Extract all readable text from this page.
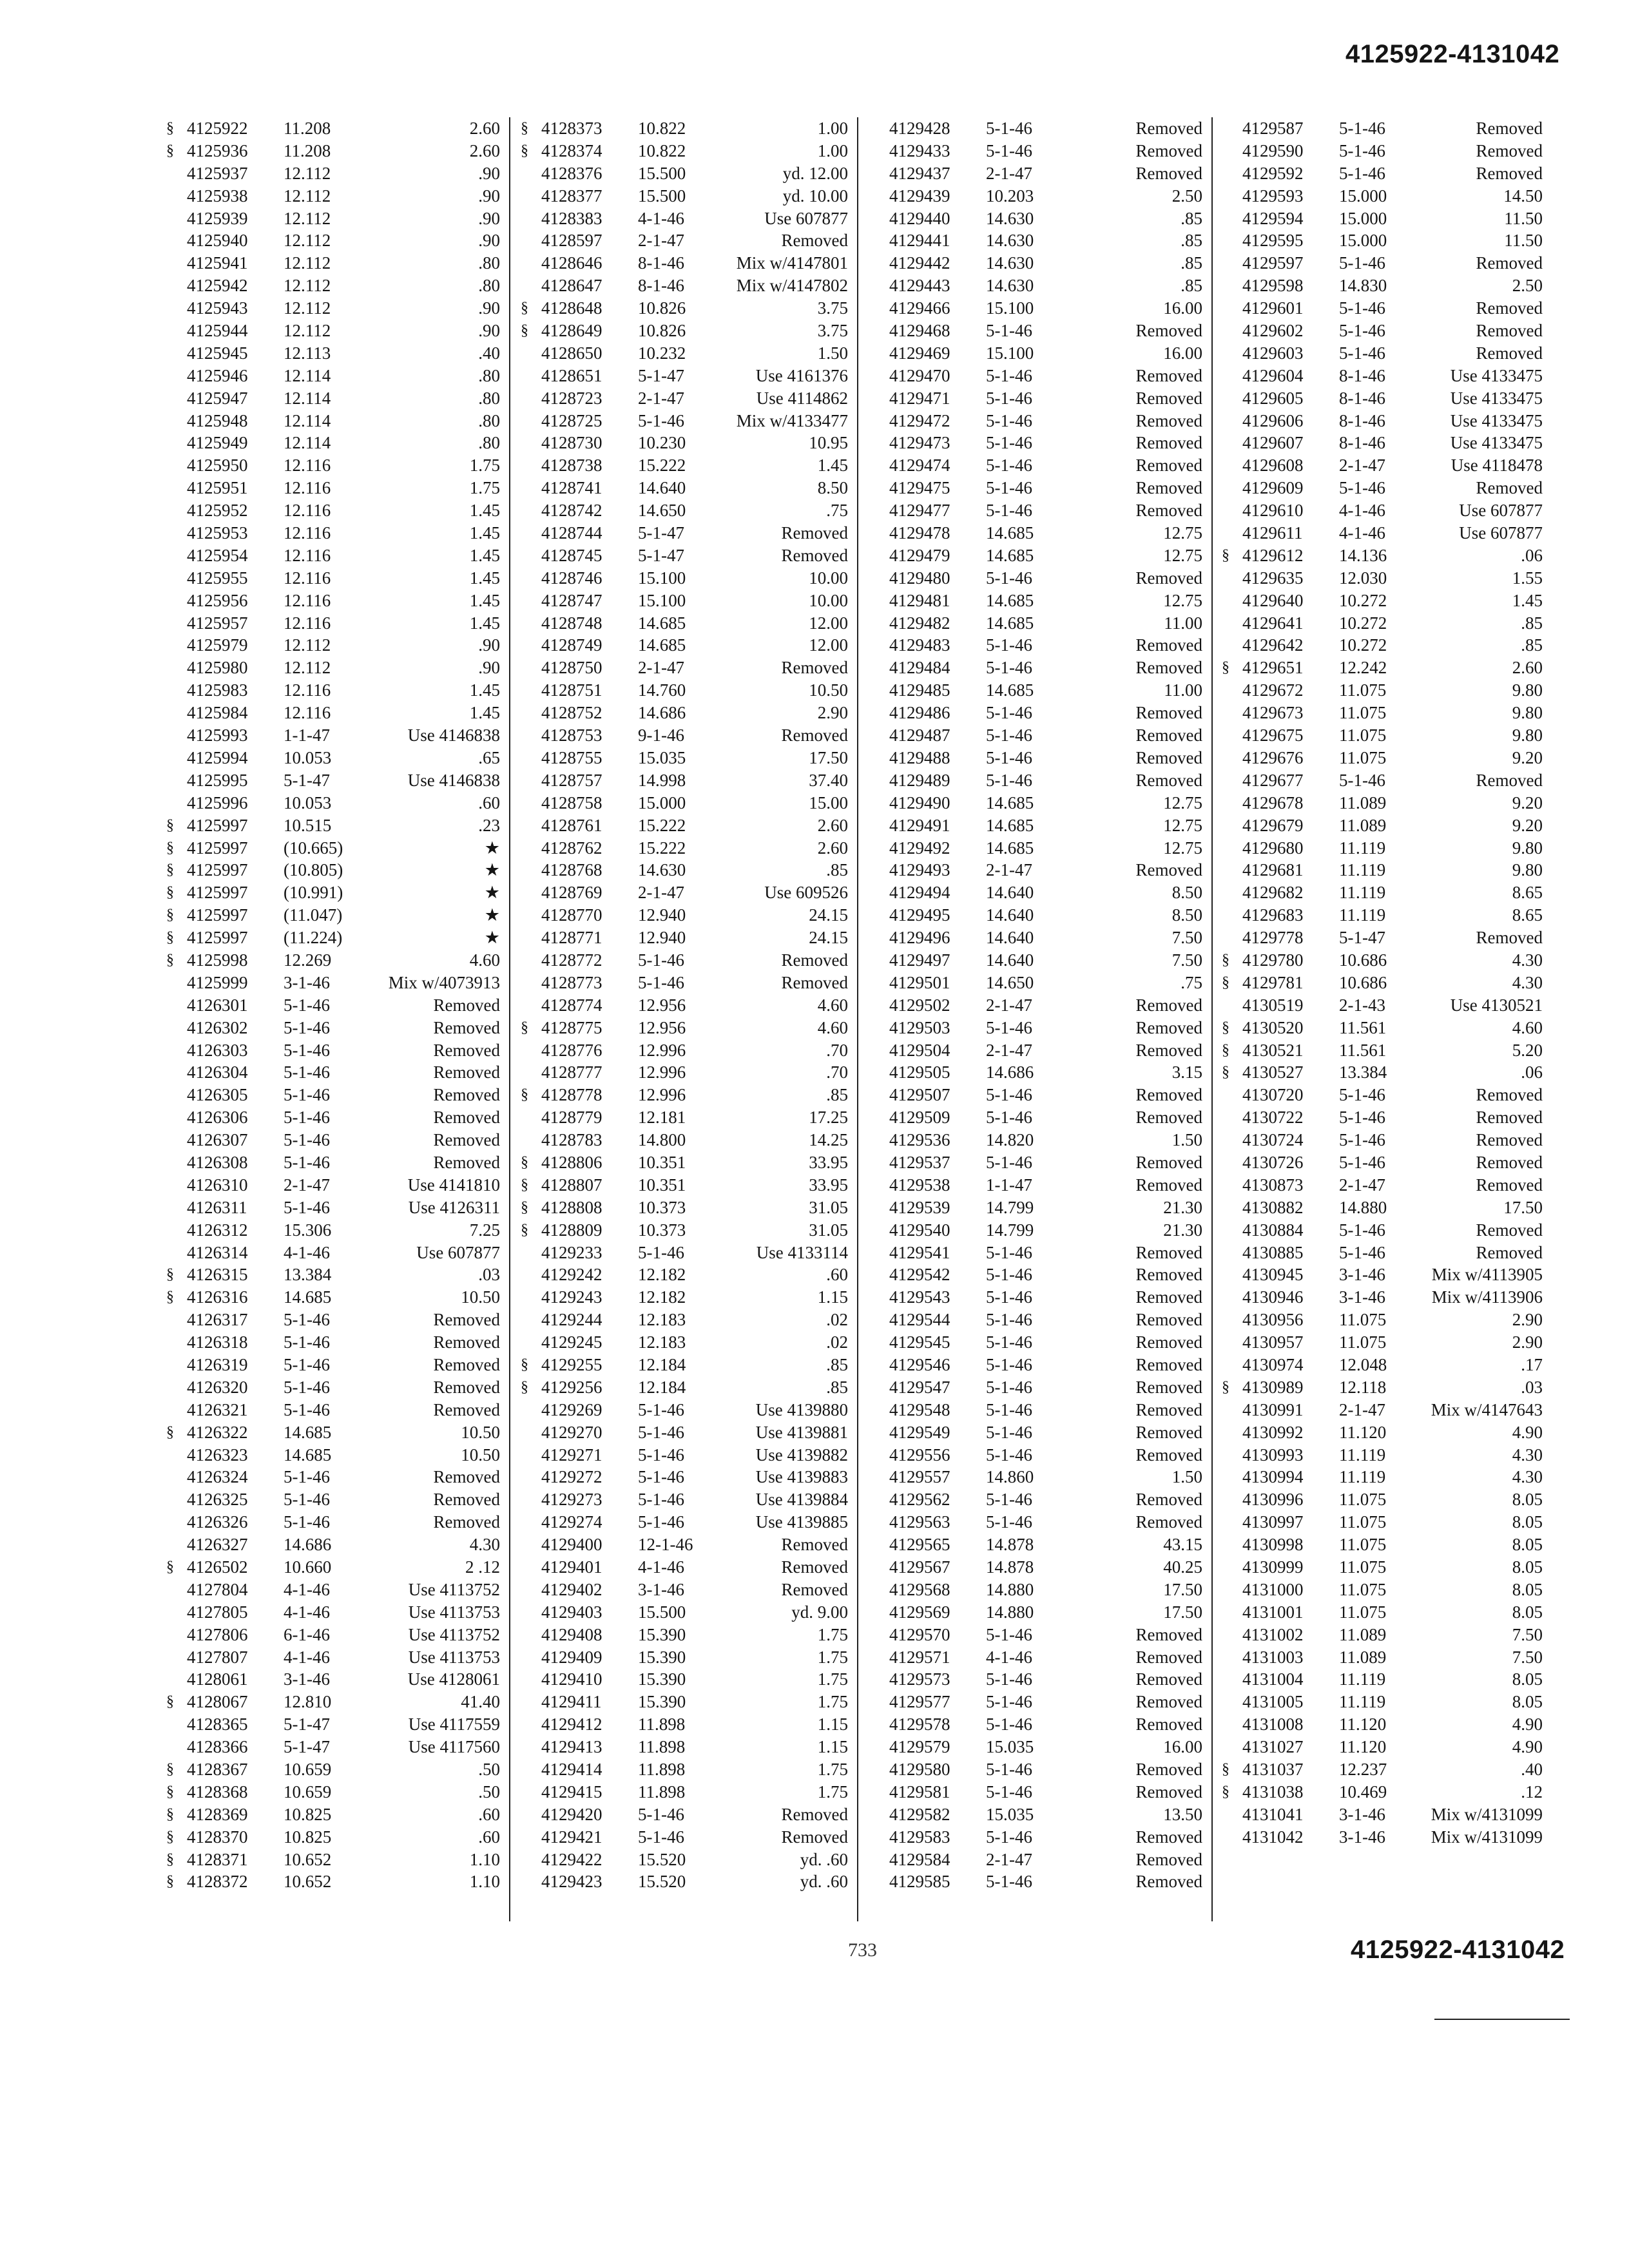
4125922-4131042
§ 4125922 11.208	2.60
§ 4125936 11.208	2.60
4125937 12.112	.90
4125938 12.112	.90
4125939 12.112	.90
4125940 12.112	.90
4125941 12.112	.80
4125942 12.112	.80
4125943 12.112	.90
4125944 12.112	.90
4125945 12.113	.40
4125946 12.114	.80
4125947 12.114	.80
4125948 12.114	.80
4125949 12.114	.80
4125950 12.116	1.75
4125951 12.116	1.75
4125952 12.116	1.45
4125953 12.116	1.45
4125954 12.116	1.45
4125955 12.116	1.45
4125956 12.116	1.45
4125957 12.116	1.45
4125979 12.112	.90
4125980 12.112	.90
4125983 12.116	1.45
4125984 12.116	1.45
4125993 1-1-47	Use 4146838
4125994 10.053	.65
4125995 5-1-47	Use 4146838
4125996 10.053	.60
§ 4125997 10.515	.23
§ 4125997 (10.665)	★
§ 4125997 (10.805)	★
§ 4125997 (10.991)	★
§ 4125997 (11.047)	★
§ 4125997 (11.224)	★
§ 4125998 12.269	4.60
4125999 3-1-46	Mix w/4073913
4126301 5-1-46	Removed
4126302 5-1-46	Removed
4126303 5-1-46	Removed
4126304 5-1-46	Removed
4126305 5-1-46	Removed
4126306 5-1-46	Removed
4126307 5-1-46	Removed
4126308 5-1-46	Removed
4126310 2-1-47	Use 4141810
4126311 5-1-46	Use 4126311
4126312 15.306	7.25
4126314 4-1-46	Use 607877
§ 4126315 13.384	.03
§ 4126316 14.685	10.50
4126317 5-1-46	Removed
4126318 5-1-46	Removed
4126319 5-1-46	Removed
4126320 5-1-46	Removed
4126321 5-1-46	Removed
§ 4126322 14.685	10.50
4126323 14.685	10.50
4126324 5-1-46	Removed
4126325 5-1-46	Removed
4126326 5-1-46	Removed
4126327 14.686	4.30
§ 4126502 10.660	2 .12
4127804 4-1-46	Use 4113752
4127805 4-1-46	Use 4113753
4127806 6-1-46	Use 4113752
4127807 4-1-46	Use 4113753
4128061 3-1-46	Use 4128061
§ 4128067 12.810	41.40
4128365 5-1-47	Use 4117559
4128366 5-1-47	Use 4117560
§ 4128367 10.659	.50
§ 4128368 10.659	.50
§ 4128369 10.825	.60
§ 4128370 10.825	.60
§ 4128371 10.652	1.10
§ 4128372 10.652	1.10
§ 4128373 10.822	1.00
§ 4128374 10.822	1.00
4128376 15.500	yd. 12.00
4128377 15.500	yd. 10.00
4128383 4-1-46	Use 607877
4128597 2-1-47	Removed
4128646 8-1-46	Mix w/4147801
4128647 8-1-46	Mix w/4147802
§ 4128648 10.826	3.75
§ 4128649 10.826	3.75
4128650 10.232	1.50
4128651 5-1-47	Use 4161376
4128723 2-1-47	Use 4114862
4128725 5-1-46	Mix w/4133477
4128730 10.230	10.95
4128738 15.222	1.45
4128741 14.640	8.50
4128742 14.650	.75
4128744 5-1-47	Removed
4128745 5-1-47	Removed
4128746 15.100	10.00
4128747 15.100	10.00
4128748 14.685	12.00
4128749 14.685	12.00
4128750 2-1-47	Removed
4128751 14.760	10.50
4128752 14.686	2.90
4128753 9-1-46	Removed
4128755 15.035	17.50
4128757 14.998	37.40
4128758 15.000	15.00
4128761 15.222	2.60
4128762 15.222	2.60
4128768 14.630	.85
4128769 2-1-47	Use 609526
4128770 12.940	24.15
4128771 12.940	24.15
4128772 5-1-46	Removed
4128773 5-1-46	Removed
4128774 12.956	4.60
§ 4128775 12.956	4.60
4128776 12.996	.70
4128777 12.996	.70
§ 4128778 12.996	.85
4128779 12.181	17.25
4128783 14.800	14.25
§ 4128806 10.351	33.95
§ 4128807 10.351	33.95
§ 4128808 10.373	31.05
§ 4128809 10.373	31.05
4129233 5-1-46	Use 4133114
4129242 12.182	.60
4129243 12.182	1.15
4129244 12.183	.02
4129245 12.183	.02
§ 4129255 12.184	.85
§ 4129256 12.184	.85
4129269 5-1-46	Use 4139880
4129270 5-1-46	Use 4139881
4129271 5-1-46	Use 4139882
4129272 5-1-46	Use 4139883
4129273 5-1-46	Use 4139884
4129274 5-1-46	Use 4139885
4129400 12-1-46	Removed
4129401 4-1-46	Removed
4129402 3-1-46	Removed
4129403 15.500	yd. 9.00
4129408 15.390	1.75
4129409 15.390	1.75
4129410 15.390	1.75
4129411 15.390	1.75
4129412 11.898	1.15
4129413 11.898	1.15
4129414 11.898	1.75
4129415 11.898	1.75
4129420 5-1-46	Removed
4129421 5-1-46	Removed
4129422 15.520	yd. .60
4129423 15.520	yd. .60
4129428 5-1-46	Removed
4129433 5-1-46	Removed
4129437 2-1-47	Removed
4129439 10.203	2.50
4129440 14.630	.85
4129441 14.630	.85
4129442 14.630	.85
4129443 14.630	.85
4129466 15.100	16.00
4129468 5-1-46	Removed
4129469 15.100	16.00
4129470 5-1-46	Removed
4129471 5-1-46	Removed
4129472 5-1-46	Removed
4129473 5-1-46	Removed
4129474 5-1-46	Removed
4129475 5-1-46	Removed
4129477 5-1-46	Removed
4129478 14.685	12.75
4129479 14.685	12.75
4129480 5-1-46	Removed
4129481 14.685	12.75
4129482 14.685	11.00
4129483 5-1-46	Removed
4129484 5-1-46	Removed
4129485 14.685	11.00
4129486 5-1-46	Removed
4129487 5-1-46	Removed
4129488 5-1-46	Removed
4129489 5-1-46	Removed
4129490 14.685	12.75
4129491 14.685	12.75
4129492 14.685	12.75
4129493 2-1-47	Removed
4129494 14.640	8.50
4129495 14.640	8.50
4129496 14.640	7.50
4129497 14.640	7.50
4129501 14.650	.75
4129502 2-1-47	Removed
4129503 5-1-46	Removed
4129504 2-1-47	Removed
4129505 14.686	3.15
4129507 5-1-46	Removed
4129509 5-1-46	Removed
4129536 14.820	1.50
4129537 5-1-46	Removed
4129538 1-1-47	Removed
4129539 14.799	21.30
4129540 14.799	21.30
4129541 5-1-46	Removed
4129542 5-1-46	Removed
4129543 5-1-46	Removed
4129544 5-1-46	Removed
4129545 5-1-46	Removed
4129546 5-1-46	Removed
4129547 5-1-46	Removed
4129548 5-1-46	Removed
4129549 5-1-46	Removed
4129556 5-1-46	Removed
4129557 14.860	1.50
4129562 5-1-46	Removed
4129563 5-1-46	Removed
4129565 14.878	43.15
4129567 14.878	40.25
4129568 14.880	17.50
4129569 14.880	17.50
4129570 5-1-46	Removed
4129571 4-1-46	Removed
4129573 5-1-46	Removed
4129577 5-1-46	Removed
4129578 5-1-46	Removed
4129579 15.035	16.00
4129580 5-1-46	Removed
4129581 5-1-46	Removed
4129582 15.035	13.50
4129583 5-1-46	Removed
4129584 2-1-47	Removed
4129585 5-1-46	Removed
4129587 5-1-46	Removed
4129590 5-1-46	Removed
4129592 5-1-46	Removed
4129593 15.000	14.50
4129594 15.000	11.50
4129595 15.000	11.50
4129597 5-1-46	Removed
4129598 14.830	2.50
4129601 5-1-46	Removed
4129602 5-1-46	Removed
4129603 5-1-46	Removed
4129604 8-1-46	Use 4133475
4129605 8-1-46	Use 4133475
4129606 8-1-46	Use 4133475
4129607 8-1-46	Use 4133475
4129608 2-1-47	Use 4118478
4129609 5-1-46	Removed
4129610 4-1-46	Use 607877
4129611 4-1-46	Use 607877
§ 4129612 14.136	.06
4129635 12.030	1.55
4129640 10.272	1.45
4129641 10.272	.85
4129642 10.272	.85
§ 4129651 12.242	2.60
4129672 11.075	9.80
4129673 11.075	9.80
4129675 11.075	9.80
4129676 11.075	9.20
4129677 5-1-46	Removed
4129678 11.089	9.20
4129679 11.089	9.20
4129680 11.119	9.80
4129681 11.119	9.80
4129682 11.119	8.65
4129683 11.119	8.65
4129778 5-1-47	Removed
§ 4129780 10.686	4.30
§ 4129781 10.686	4.30
4130519 2-1-43	Use 4130521
§ 4130520 11.561	4.60
§ 4130521 11.561	5.20
§ 4130527 13.384	.06
4130720 5-1-46	Removed
4130722 5-1-46	Removed
4130724 5-1-46	Removed
4130726 5-1-46	Removed
4130873 2-1-47	Removed
4130882 14.880	17.50
4130884 5-1-46	Removed
4130885 5-1-46	Removed
4130945 3-1-46	Mix w/4113905
4130946 3-1-46	Mix w/4113906
4130956 11.075	2.90
4130957 11.075	2.90
4130974 12.048	.17
§ 4130989 12.118	.03
4130991 2-1-47	Mix w/4147643
4130992 11.120	4.90
4130993 11.119	4.30
4130994 11.119	4.30
4130996 11.075	8.05
4130997 11.075	8.05
4130998 11.075	8.05
4130999 11.075	8.05
4131000 11.075	8.05
4131001 11.075	8.05
4131002 11.089	7.50
4131003 11.089	7.50
4131004 11.119	8.05
4131005 11.119	8.05
4131008 11.120	4.90
4131027 11.120	4.90
§ 4131037 12.237	.40
§ 4131038 10.469	.12
4131041 3-1-46	Mix w/4131099
4131042 3-1-46	Mix w/4131099
733	4125922-4131042
